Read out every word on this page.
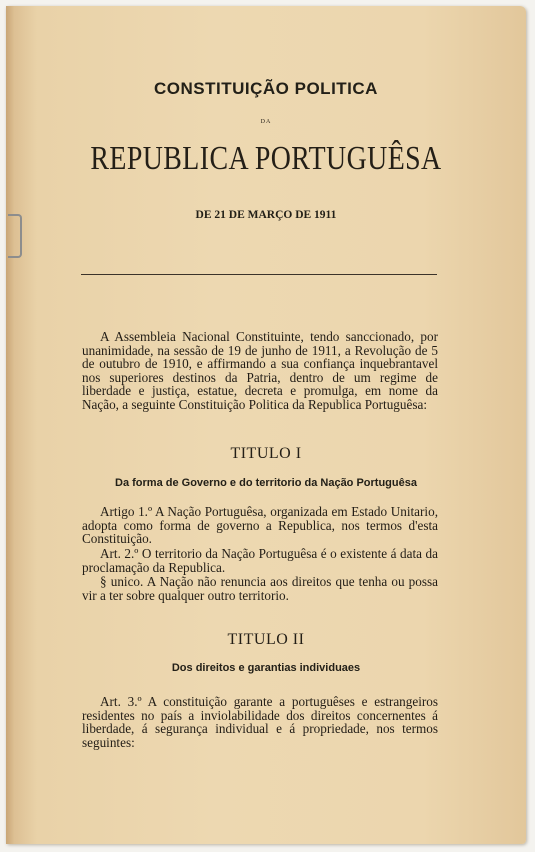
CONSTITUIÇÃO POLITICA
DA
REPUBLICA PORTUGUÊSA
DE 21 DE MARÇO DE 1911

A Assembleia Nacional Constituinte, tendo sanccionado, por unanimidade, na sessão de 19 de junho de 1911, a Revolução de 5 de outubro de 1910, e affirmando a sua confiança inquebrantavel nos superiores destinos da Patria, dentro de um regime de liberdade e justiça, estatue, decreta e promulga, em nome da Nação, a seguinte Constituição Politica da Republica Portuguêsa:

TITULO I
Da forma de Governo e do territorio da Nação Portuguêsa

Artigo 1.º A Nação Portuguêsa, organizada em Estado Unitario, adopta como forma de governo a Republica, nos termos d'esta Constituição.

Art. 2.º O territorio da Nação Portuguêsa é o existente á data da proclamação da Republica.

§ unico. A Nação não renuncia aos direitos que tenha ou possa vir a ter sobre qualquer outro territorio.

TITULO II
Dos direitos e garantias individuaes

Art. 3.º A constituição garante a portuguêses e estrangeiros residentes no país a inviolabilidade dos direitos concernentes á liberdade, á segurança individual e á propriedade, nos termos seguintes:
